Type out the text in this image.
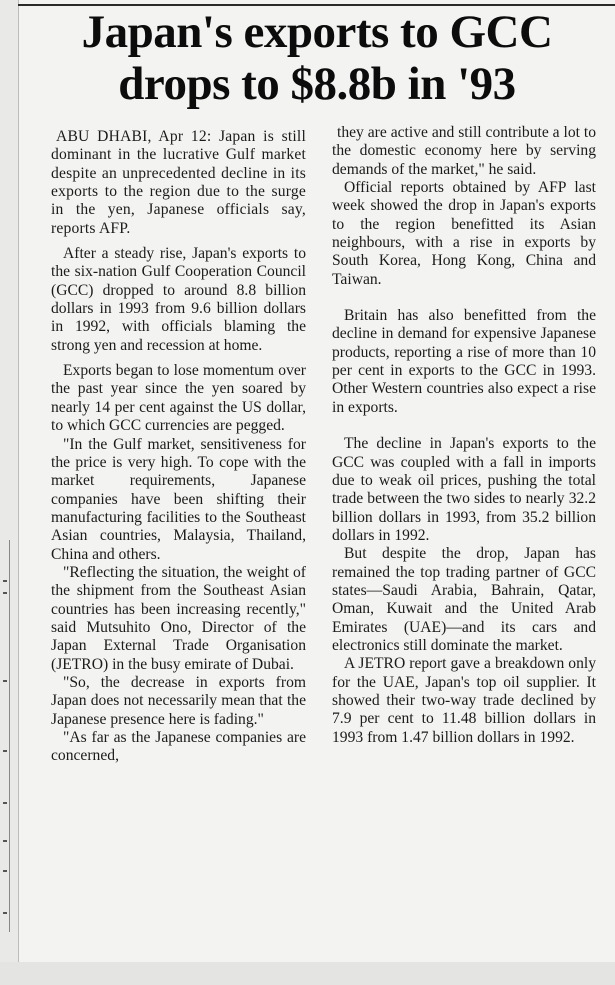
Japan's exports to GCC
drops to $8.8b in '93

ABU DHABI, Apr 12: Japan is still dominant in the lucrative Gulf market despite an unprecedented decline in its exports to the region due to the surge in the yen, Japanese officials say, reports AFP.

After a steady rise, Japan's exports to the six-nation Gulf Cooperation Council (GCC) dropped to around 8.8 billion dollars in 1993 from 9.6 billion dollars in 1992, with officials blaming the strong yen and recession at home.

Exports began to lose momentum over the past year since the yen soared by nearly 14 per cent against the US dollar, to which GCC currencies are pegged.

"In the Gulf market, sensitiveness for the price is very high. To cope with the market requirements, Japanese companies have been shifting their manufacturing facilities to the Southeast Asian countries, Malaysia, Thailand, China and others.

"Reflecting the situation, the weight of the shipment from the Southeast Asian countries has been increasing recently," said Mutsuhito Ono, Director of the Japan External Trade Organisation (JETRO) in the busy emirate of Dubai.

"So, the decrease in exports from Japan does not necessarily mean that the Japanese presence here is fading."

"As far as the Japanese companies are concerned,

they are active and still contribute a lot to the domestic economy here by serving demands of the market," he said.

Official reports obtained by AFP last week showed the drop in Japan's exports to the region benefitted its Asian neighbours, with a rise in exports by South Korea, Hong Kong, China and Taiwan.

Britain has also benefitted from the decline in demand for expensive Japanese products, reporting a rise of more than 10 per cent in exports to the GCC in 1993. Other Western countries also expect a rise in exports.

The decline in Japan's exports to the GCC was coupled with a fall in imports due to weak oil prices, pushing the total trade between the two sides to nearly 32.2 billion dollars in 1993, from 35.2 billion dollars in 1992.

But despite the drop, Japan has remained the top trading partner of GCC states—Saudi Arabia, Bahrain, Qatar, Oman, Kuwait and the United Arab Emirates (UAE)—and its cars and electronics still dominate the market.

A JETRO report gave a breakdown only for the UAE, Japan's top oil supplier. It showed their two-way trade declined by 7.9 per cent to 11.48 billion dollars in 1993 from 1.47 billion dollars in 1992.
